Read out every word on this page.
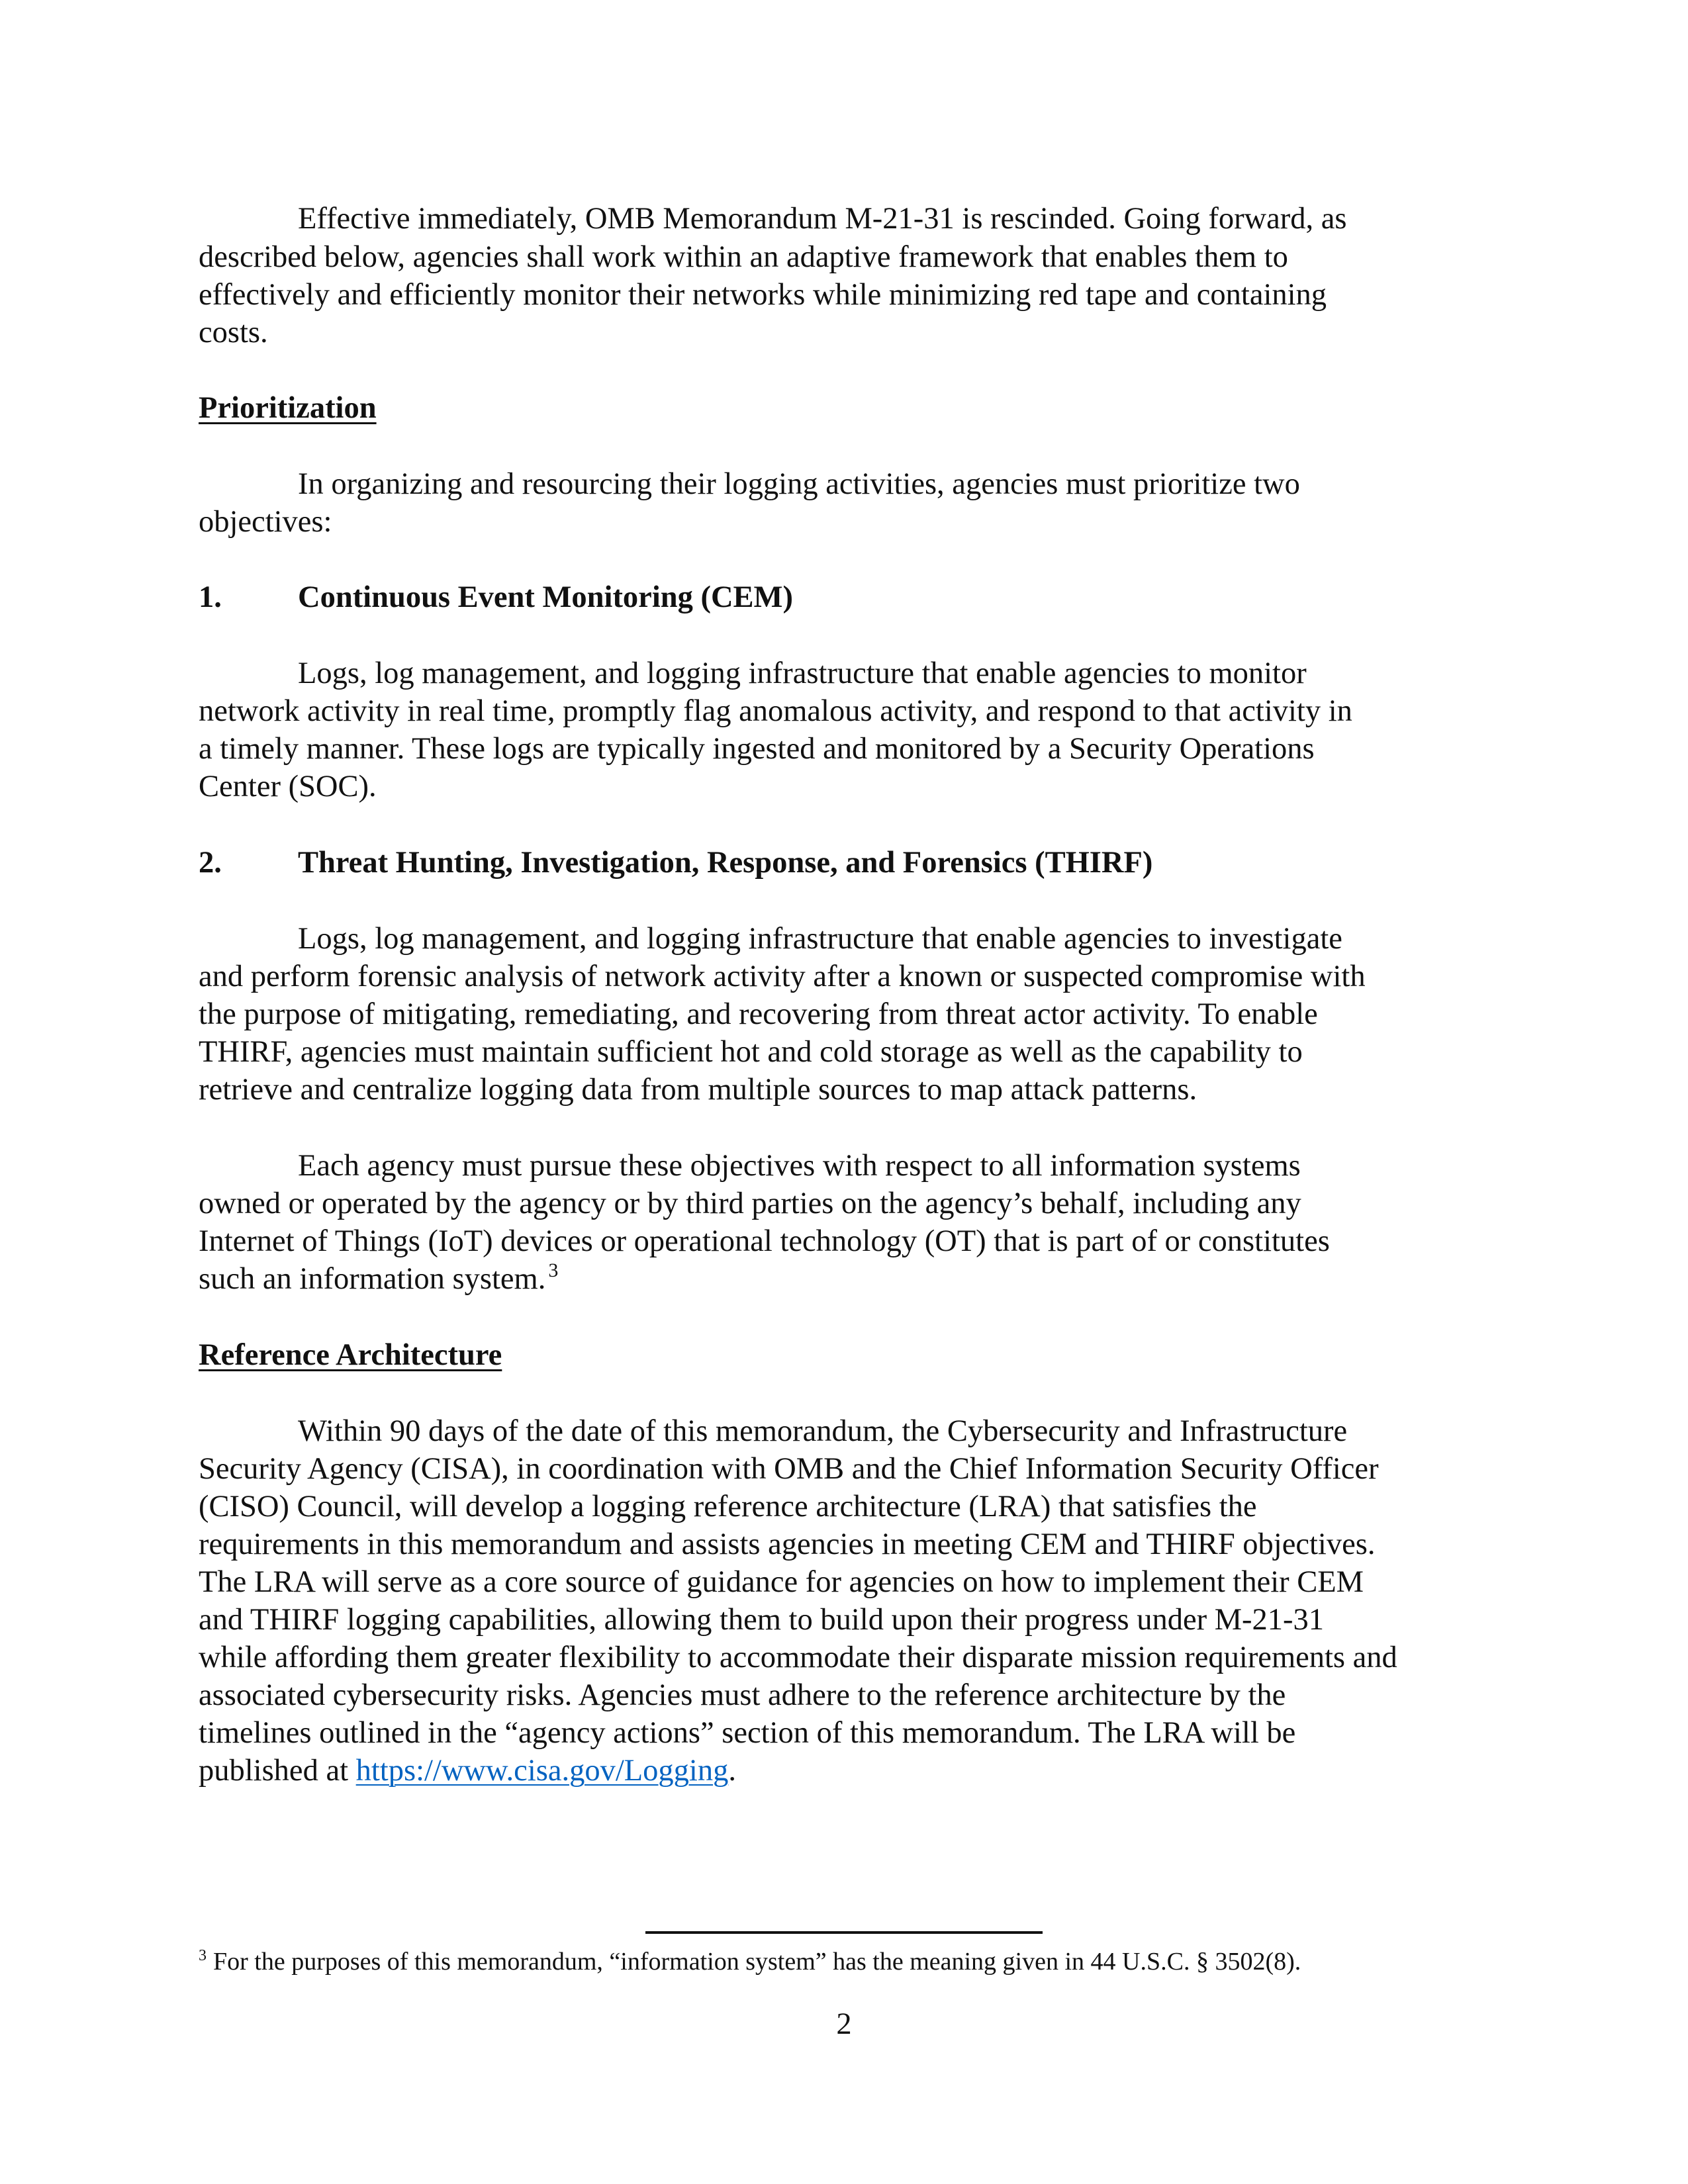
Effective immediately, OMB Memorandum M-21-31 is rescinded. Going forward, as

described below, agencies shall work within an adaptive framework that enables them to

effectively and efficiently monitor their networks while minimizing red tape and containing

costs.

Prioritization

In organizing and resourcing their logging activities, agencies must prioritize two

objectives:

1. Continuous Event Monitoring (CEM)

Logs, log management, and logging infrastructure that enable agencies to monitor

network activity in real time, promptly flag anomalous activity, and respond to that activity in

a timely manner. These logs are typically ingested and monitored by a Security Operations

Center (SOC).

2. Threat Hunting, Investigation, Response, and Forensics (THIRF)

Logs, log management, and logging infrastructure that enable agencies to investigate

and perform forensic analysis of network activity after a known or suspected compromise with

the purpose of mitigating, remediating, and recovering from threat actor activity. To enable

THIRF, agencies must maintain sufficient hot and cold storage as well as the capability to

retrieve and centralize logging data from multiple sources to map attack patterns.

Each agency must pursue these objectives with respect to all information systems

owned or operated by the agency or by third parties on the agency’s behalf, including any

Internet of Things (IoT) devices or operational technology (OT) that is part of or constitutes

such an information system. $^3$

Reference Architecture

Within 90 days of the date of this memorandum, the Cybersecurity and Infrastructure

Security Agency (CISA), in coordination with OMB and the Chief Information Security Officer

(CISO) Council, will develop a logging reference architecture (LRA) that satisfies the

requirements in this memorandum and assists agencies in meeting CEM and THIRF objectives.

The LRA will serve as a core source of guidance for agencies on how to implement their CEM

and THIRF logging capabilities, allowing them to build upon their progress under M-21-31

while affording them greater flexibility to accommodate their disparate mission requirements and

associated cybersecurity risks. Agencies must adhere to the reference architecture by the

timelines outlined in the “agency actions” section of this memorandum. The LRA will be

published at https://www.cisa.gov/Logging.

$^3$ For the purposes of this memorandum, “information system” has the meaning given in 44 U.S.C. § 3502(8).
2
